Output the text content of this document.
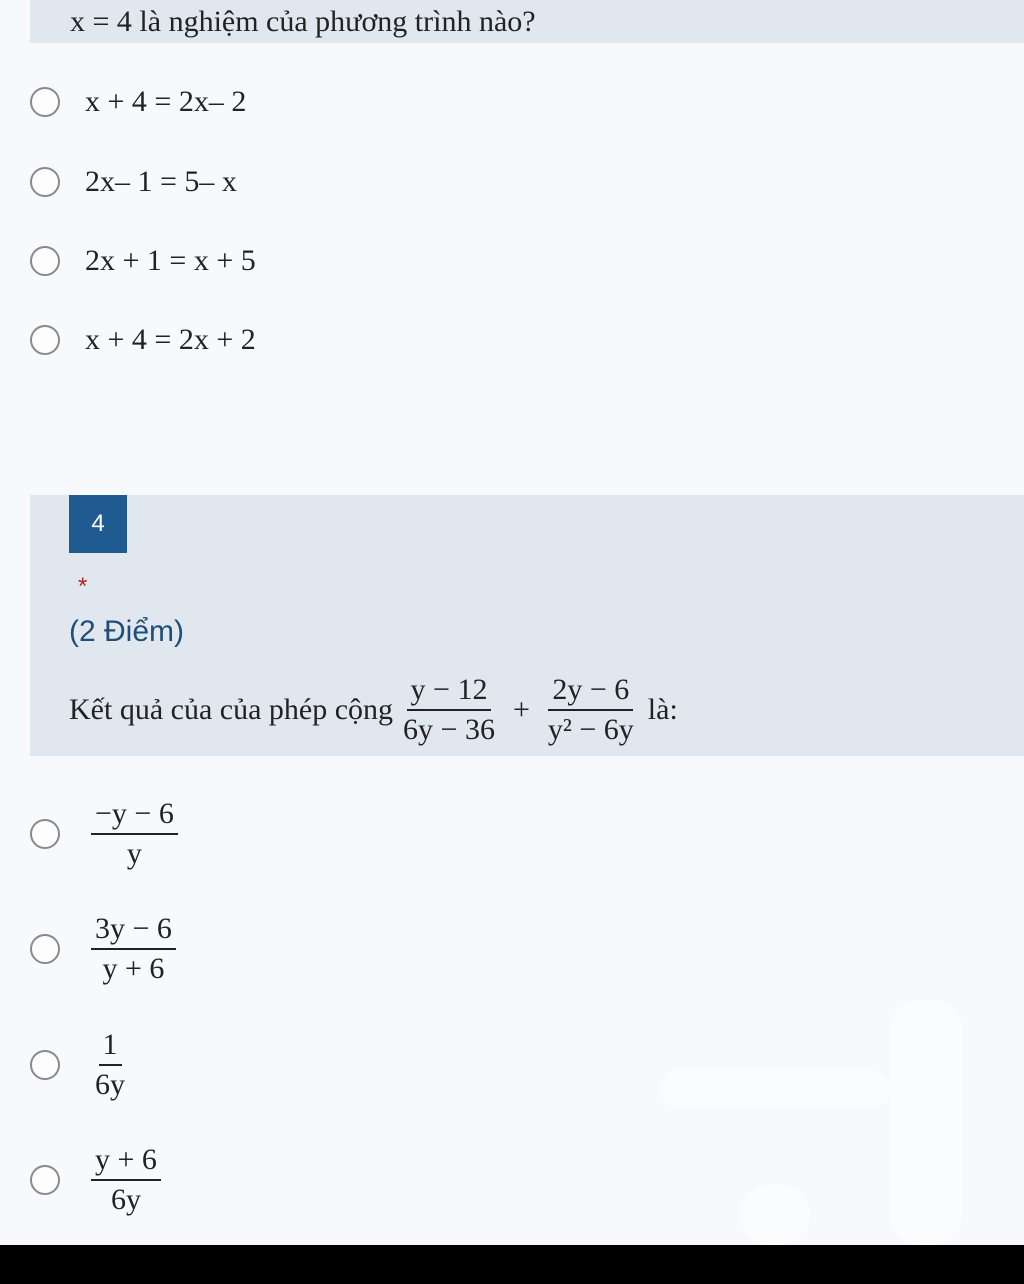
x = 4 là nghiệm của phương trình nào?
x + 4 = 2x– 2
2x– 1 = 5– x
2x + 1 = x + 5
x + 4 = 2x + 2
4
*
(2 Điểm)
Kết quả của của phép cộng $\frac{y - 12}{6y - 36} + \frac{2y - 6}{\text{y² − 6y}}$ là:
$\frac{-y - 6}{y}$
$\frac{3y - 6}{y + 6}$
$\frac{1}{6y}$
$\frac{y + 6}{6y}$
